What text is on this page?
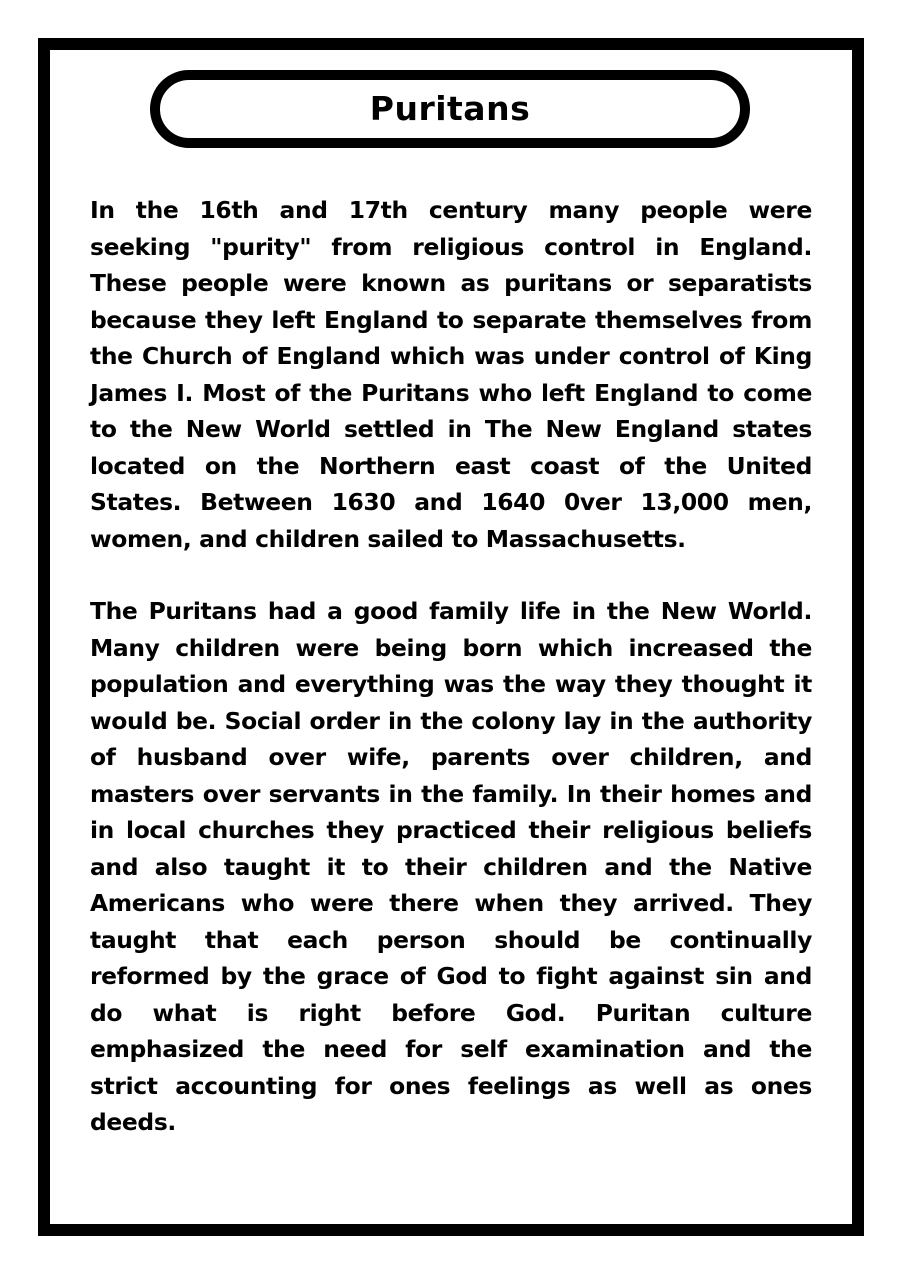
Puritans

In the 16th and 17th century many people were seeking "purity" from religious control in England. These people were known as puritans or separatists because they left England to separate themselves from the Church of England which was under control of King James I. Most of the Puritans who left England to come to the New World settled in The New England states located on the Northern east coast of the United States. Between 1630 and 1640 0ver 13,000 men, women, and children sailed to Massachusetts.

The Puritans had a good family life in the New World. Many children were being born which increased the population and everything was the way they thought it would be. Social order in the colony lay in the authority of husband over wife, parents over children, and masters over servants in the family. In their homes and in local churches they practiced their religious beliefs and also taught it to their children and the Native Americans who were there when they arrived. They taught that each person should be continually reformed by the grace of God to fight against sin and do what is right before God. Puritan culture emphasized the need for self examination and the strict accounting for ones feelings as well as ones deeds.
